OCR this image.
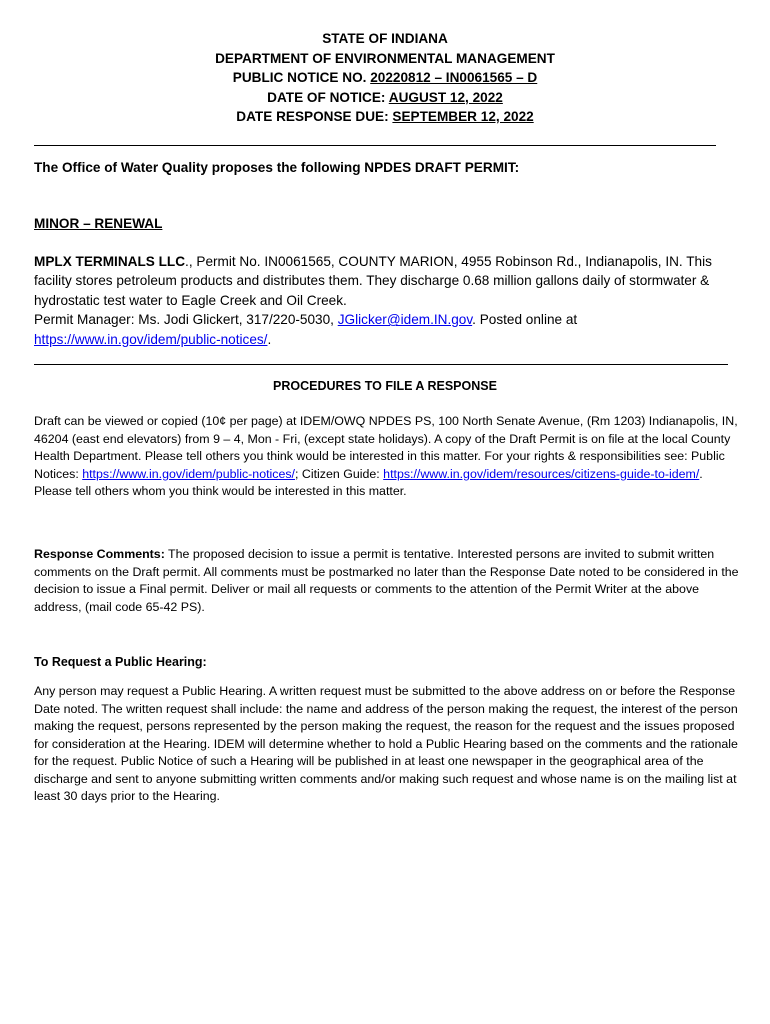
STATE OF INDIANA
DEPARTMENT OF ENVIRONMENTAL MANAGEMENT
PUBLIC NOTICE NO. 20220812 – IN0061565 – D
DATE OF NOTICE: AUGUST 12, 2022
DATE RESPONSE DUE: SEPTEMBER 12, 2022
The Office of Water Quality proposes the following NPDES DRAFT PERMIT:
MINOR – RENEWAL
MPLX TERMINALS LLC., Permit No. IN0061565, COUNTY MARION, 4955 Robinson Rd., Indianapolis, IN. This facility stores petroleum products and distributes them. They discharge 0.68 million gallons daily of stormwater & hydrostatic test water to Eagle Creek and Oil Creek.
Permit Manager: Ms. Jodi Glickert, 317/220-5030, JGlicker@idem.IN.gov. Posted online at
https://www.in.gov/idem/public-notices/.
PROCEDURES TO FILE A RESPONSE
Draft can be viewed or copied (10¢ per page) at IDEM/OWQ NPDES PS, 100 North Senate Avenue, (Rm 1203) Indianapolis, IN, 46204 (east end elevators) from 9 – 4, Mon - Fri, (except state holidays). A copy of the Draft Permit is on file at the local County Health Department. Please tell others you think would be interested in this matter. For your rights & responsibilities see: Public Notices: https://www.in.gov/idem/public-notices/; Citizen Guide: https://www.in.gov/idem/resources/citizens-guide-to-idem/. Please tell others whom you think would be interested in this matter.
Response Comments: The proposed decision to issue a permit is tentative. Interested persons are invited to submit written comments on the Draft permit. All comments must be postmarked no later than the Response Date noted to be considered in the decision to issue a Final permit. Deliver or mail all requests or comments to the attention of the Permit Writer at the above address, (mail code 65-42 PS).
To Request a Public Hearing:
Any person may request a Public Hearing. A written request must be submitted to the above address on or before the Response Date noted. The written request shall include: the name and address of the person making the request, the interest of the person making the request, persons represented by the person making the request, the reason for the request and the issues proposed for consideration at the Hearing. IDEM will determine whether to hold a Public Hearing based on the comments and the rationale for the request. Public Notice of such a Hearing will be published in at least one newspaper in the geographical area of the discharge and sent to anyone submitting written comments and/or making such request and whose name is on the mailing list at least 30 days prior to the Hearing.
